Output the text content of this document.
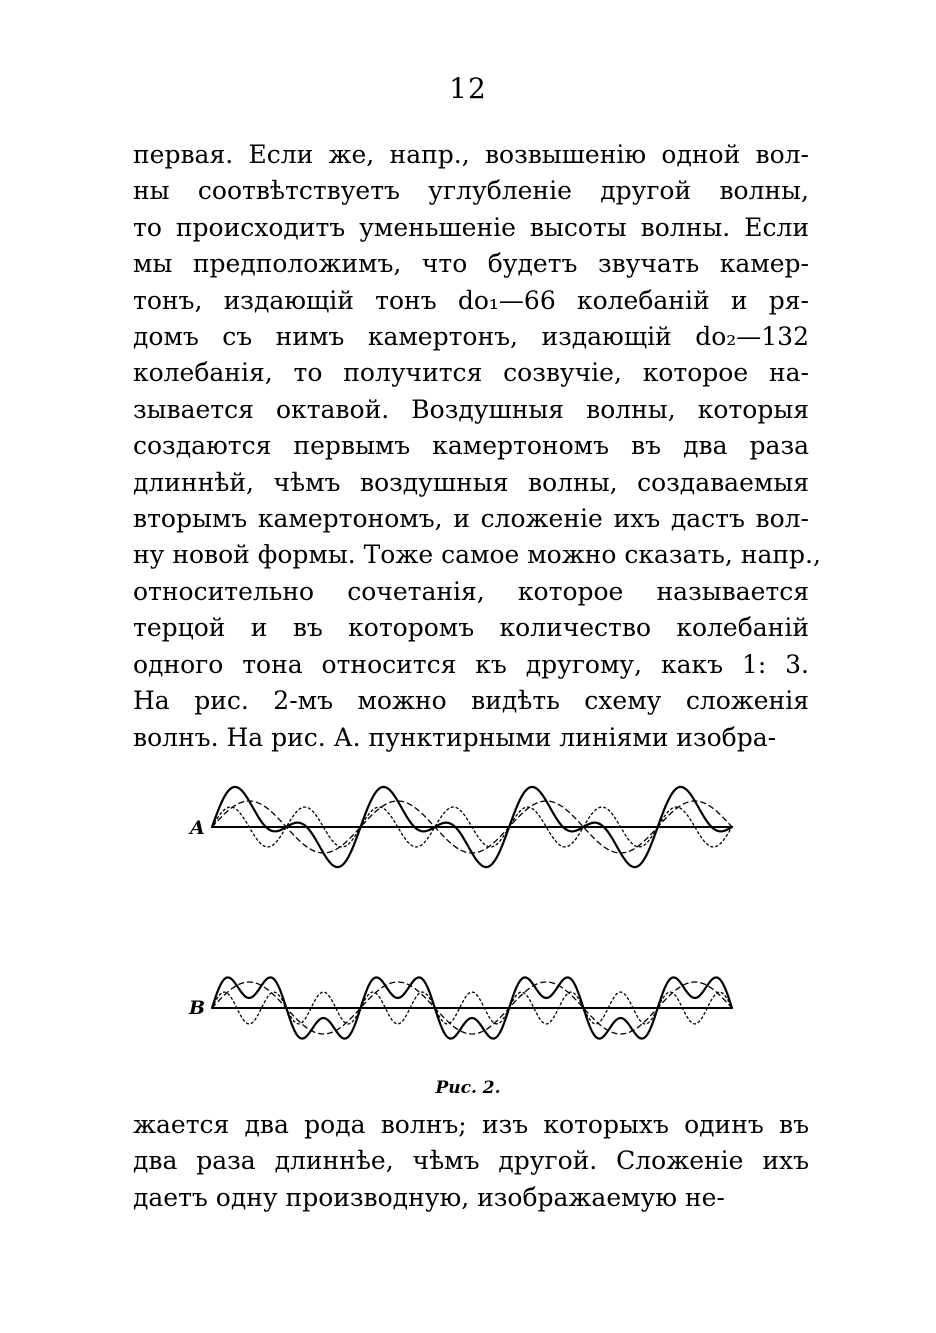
12
первая. Если же, напр., возвышенію одной вол-
ны соотвѣтствуетъ углубленіе другой волны,
то происходитъ уменьшеніе высоты волны. Если
мы предположимъ, что будетъ звучать камер-
тонъ, издающій тонъ do₁—66 колебаній и ря-
домъ съ нимъ камертонъ, издающій do₂—132
колебанія, то получится созвучіе, которое на-
зывается октавой. Воздушныя волны, которыя
создаются первымъ камертономъ въ два раза
длиннѣй, чѣмъ воздушныя волны, создаваемыя
вторымъ камертономъ, и сложеніе ихъ дастъ вол-
ну новой формы. Тоже самое можно сказать, напр.,
относительно сочетанія, которое называется
терцой и въ которомъ количество колебаній
одного тона относится къ другому, какъ 1: 3.
На рис. 2-мъ можно видѣть схему сложенія
волнъ. На рис. А. пунктирными линіями изобра-
A
B
Рис. 2.
жается два рода волнъ; изъ которыхъ одинъ въ
два раза длиннѣе, чѣмъ другой. Сложеніе ихъ
даетъ одну производную, изображаемую не-
